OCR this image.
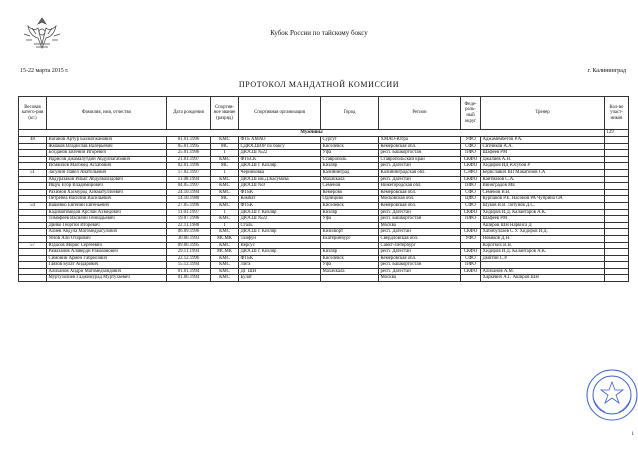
Кубок России по тайскому боксу
15-22 марта 2015 г.	г. Калининград
ПРОТОКОЛ МАНДАТНОЙ КОМИССИИ
Весовая катего-рия (кг.)	Фамилия, имя, отчество	Дата рождения	Спортив-ное звание (разряд)	Спортивная организация	Город	Регион	Феде-раль-ный округ	Тренер	Кол-во участ-ников
Мужчины									129
48	Ваганов Артур Бахматжанович	01.01.1996	КМС	ФТБ ХМАО	Сургут	ХМАО-Югра	УФО	Аджамембетов Р.А.	
	Жмаков Владислав Валерьевич	05.01.1995	МС	СДЮСШОР по боксу	Киселевск	Кемеровская обл.	СФО	Ситников А.А.	
	Богданов Евгений Игоревич	25.01.1996	I	ДЮСШ №22	Уфа	респ. Башкортостан	ПФО	Шафеев РМ	
	Идрисов Джамалутдин Абдулнагабович	21.01.1997	КМС	ФТБСК	Ставрополь	Ставропольский край	СКФО	Джалиев А.Н.	
	Исмаилов Магомед Асхабович	02.01.1996	МС	ДЮСШ г. Кизляр	Кизляр	респ. Дагестан	СКФО	Хидиров ИД Юсубов Р	
51	Засунин Павел Анатольевич	17.02.1997	I	Черняховка	Калининград	Калининградская обл.	СЗФО	Бериславич ВП Макагонов СА	
	Абдуразаков Ильяс Абдулвахидович	11.08.1994	КМС	ДЮСШ им.Д.Касумова	Махачкала	респ. Дагестан	СКФО	Кайтмазов С.А.	
	Ищук Егор Владимирович	04.05.1997	КМС	ДЮСШ №9	Семенов	Нижегородская обл.	ПФО	Виноградов МЕ	
	Рахимов Хасмурод Хикматуллоевич	24.10.1994	КМС	ФТБК	Кемерово	Кемеровская обл.	СФО	Семенов В.В.	
	Петребеа Василий Васильевич	14.10.1980	МС	Комбат	Одинцово	Московская обл.	ЦФО	Курпанов Р.Е. Насонов РА Чуприна ОА	
54	Вашенко Евгений Евгеньевич	27.05.1996	КМС	ФТБК	Киселевск	Кемеровская обл.	СФО	Шуков В.В. Лотунов Д.С.	
	Кадимагомедов Арслан Ахмедович	11.01.1997	I	ДЮСШ г. Кизляр	Кизляр	респ. Дагестан	СКФО	Хидиров И.Д. Калантаров А.К.	
	Тимофеев Василий Геннадьевич	19.07.1996	КМС	ДЮСШ №22	Уфа	респ. Башкортостан	ПФО	Шафеев РМ	
	Динко Георгий Игоревич	22.11.1988	I	Сталь		Москва		Аширов ШН Наркиса Д	
	Алиев Абдула Магомедрасулович	06.09.1996	КМС	ДЮСШ г. Кизляр	Кизилюрт	респ. Дагестан	СКФО	Хабибуллаев С.У. Хидиров И.Д.	
	Уезов Али Отарович	30.06.1993	МСМК	Тайфун	Екатеринбург	Свердловская обл.	УФО	Новиков Д.Н.	
57	Юдасов Морис Сергеевич	09.06.1995	КМС	Версус		Санкт-Петербург		Коротких В.В.	
	Рамазанов Алавердн Рамазанович	29.11.1994	МСМК	ДЮСШ г. Кизляр	Кизляр	респ. Дагестан	СКФО	Хидиров И.Д. Калантаров А.К.	
	Симонин Армен Габрисович	22.12.1996	КМС	ФТБК	Киселевск	Кемеровская обл.	СФО	Дмитин С.Р.	
	Гаязов Булат Айдарович	15.12.1994	КМС	Лига	Уфа	респ. Башкортостан	ПФО		
	Алиханов Хидри Магомедзандович	01.01.1994	КМС	ДГ ШИ	Махачкала	респ. Дагестан	СКФО	Алиханов А.М.	
	Муртузалиев Гаджимурад Муртузаевич	01.06.1994	КМС	Булат		Москва		Харкевич А.Г. Аширов ШН	
1
